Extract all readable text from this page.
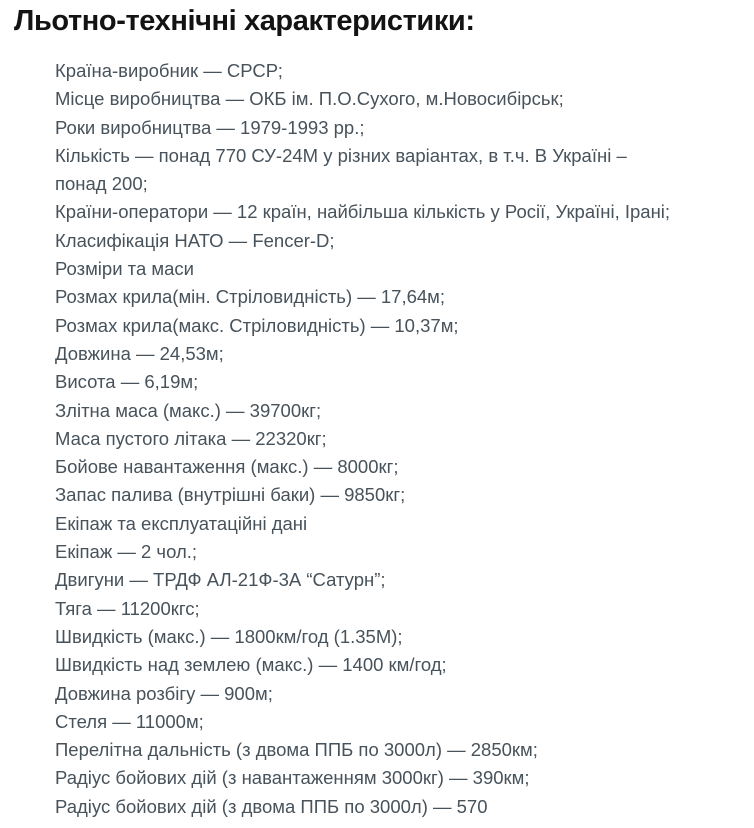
Льотно-технічні характеристики:

Країна-виробник — СРСР;

Місце виробництва — ОКБ ім. П.О.Сухого, м.Новосибірськ;

Роки виробництва — 1979-1993 рр.;

Кількість — понад 770 СУ-24М у різних варіантах, в т.ч. В Україні –

понад 200;

Країни-оператори — 12 країн, найбільша кількість у Росії, Україні, Ірані;

Класифікація НАТО — Fencer-D;

Розміри та маси

Розмах крила(мін. Стріловидність) — 17,64м;

Розмах крила(макс. Стріловидність) — 10,37м;

Довжина — 24,53м;

Висота — 6,19м;

Злітна маса (макс.) — 39700кг;

Маса пустого літака — 22320кг;

Бойове навантаження (макс.) — 8000кг;

Запас палива (внутрішні баки) — 9850кг;

Екіпаж та експлуатаційні дані

Екіпаж — 2 чол.;

Двигуни — ТРДФ АЛ-21Ф-3А “Сатурн”;

Тяга — 11200кгс;

Швидкість (макс.) — 1800км/год (1.35М);

Швидкість над землею (макс.) — 1400 км/год;

Довжина розбігу — 900м;

Стеля — 11000м;

Перелітна дальність (з двома ППБ по 3000л) — 2850км;

Радіус бойових дій (з навантаженням 3000кг) — 390км;

Радіус бойових дій (з двома ППБ по 3000л) — 570
